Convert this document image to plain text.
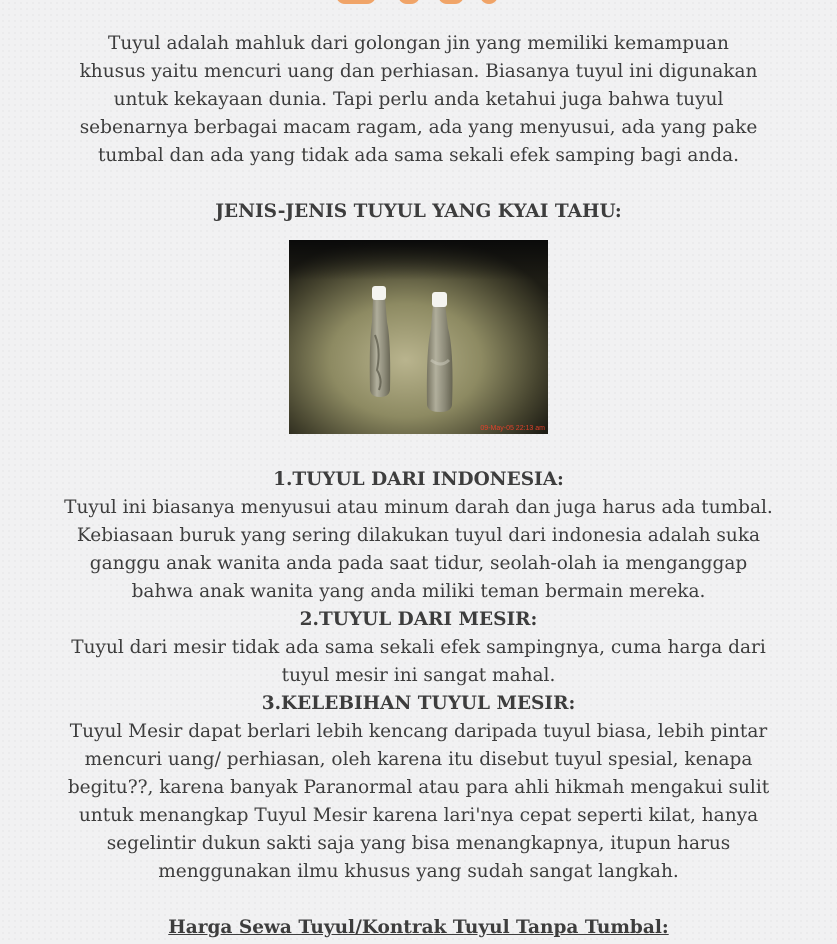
Tuyul adalah mahluk dari golongan jin yang memiliki kemampuan khusus yaitu mencuri uang dan perhiasan. Biasanya tuyul ini digunakan untuk kekayaan dunia. Tapi perlu anda ketahui juga bahwa tuyul sebenarnya berbagai macam ragam, ada yang menyusui, ada yang pake tumbal dan ada yang tidak ada sama sekali efek samping bagi anda.

JENIS-JENIS TUYUL YANG KYAI TAHU:

09-May-05 22:13 am

1.TUYUL DARI INDONESIA:

Tuyul ini biasanya menyusui atau minum darah dan juga harus ada tumbal. Kebiasaan buruk yang sering dilakukan tuyul dari indonesia adalah suka ganggu anak wanita anda pada saat tidur, seolah-olah ia menganggap bahwa anak wanita yang anda miliki teman bermain mereka.

2.TUYUL DARI MESIR:

Tuyul dari mesir tidak ada sama sekali efek sampingnya, cuma harga dari tuyul mesir ini sangat mahal.

3.KELEBIHAN TUYUL MESIR:

Tuyul Mesir dapat berlari lebih kencang daripada tuyul biasa, lebih pintar mencuri uang/ perhiasan, oleh karena itu disebut tuyul spesial, kenapa begitu??, karena banyak Paranormal atau para ahli hikmah mengakui sulit untuk menangkap Tuyul Mesir karena lari'nya cepat seperti kilat, hanya segelintir dukun sakti saja yang bisa menangkapnya, itupun harus menggunakan ilmu khusus yang sudah sangat langkah.

Harga Sewa Tuyul/Kontrak Tuyul Tanpa Tumbal:
